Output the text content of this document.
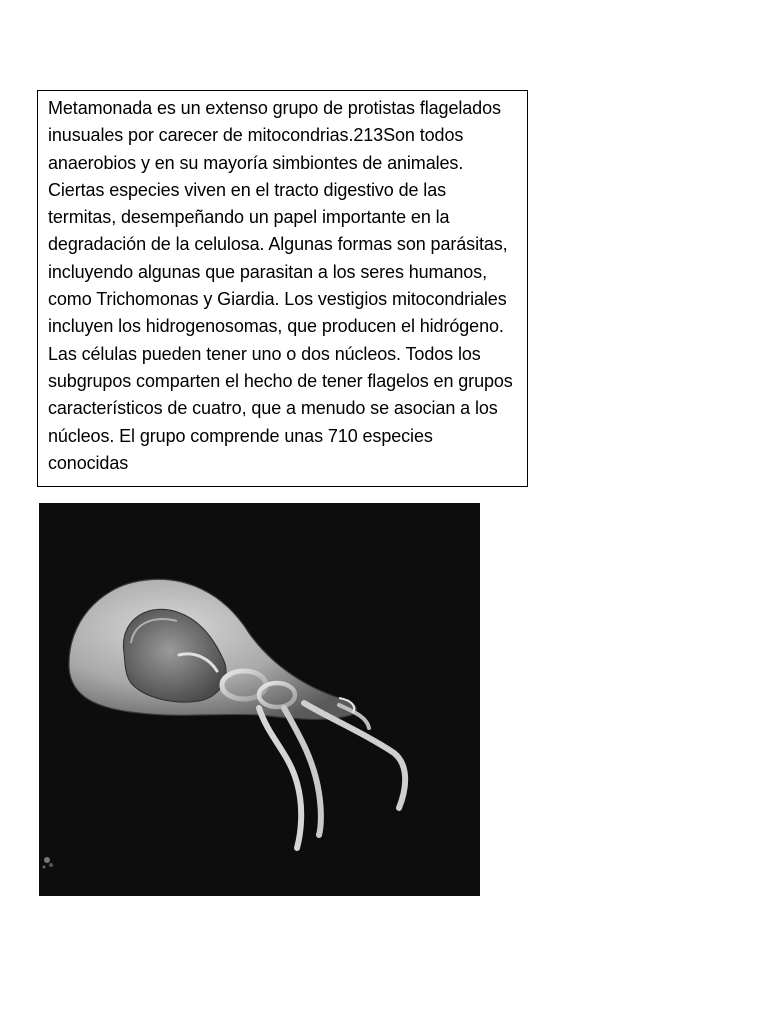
Metamonada es un extenso grupo de protistas flagelados inusuales por carecer de mitocondrias.213Son todos anaerobios y en su mayoría simbiontes de animales. Ciertas especies viven en el tracto digestivo de las termitas, desempeñando un papel importante en la degradación de la celulosa. Algunas formas son parásitas, incluyendo algunas que parasitan a los seres humanos, como Trichomonas y Giardia. Los vestigios mitocondriales incluyen los hidrogenosomas, que producen el hidrógeno. Las células pueden tener uno o dos núcleos. Todos los subgrupos comparten el hecho de tener flagelos en grupos característicos de cuatro, que a menudo se asocian a los núcleos. El grupo comprende unas 710 especies conocidas
